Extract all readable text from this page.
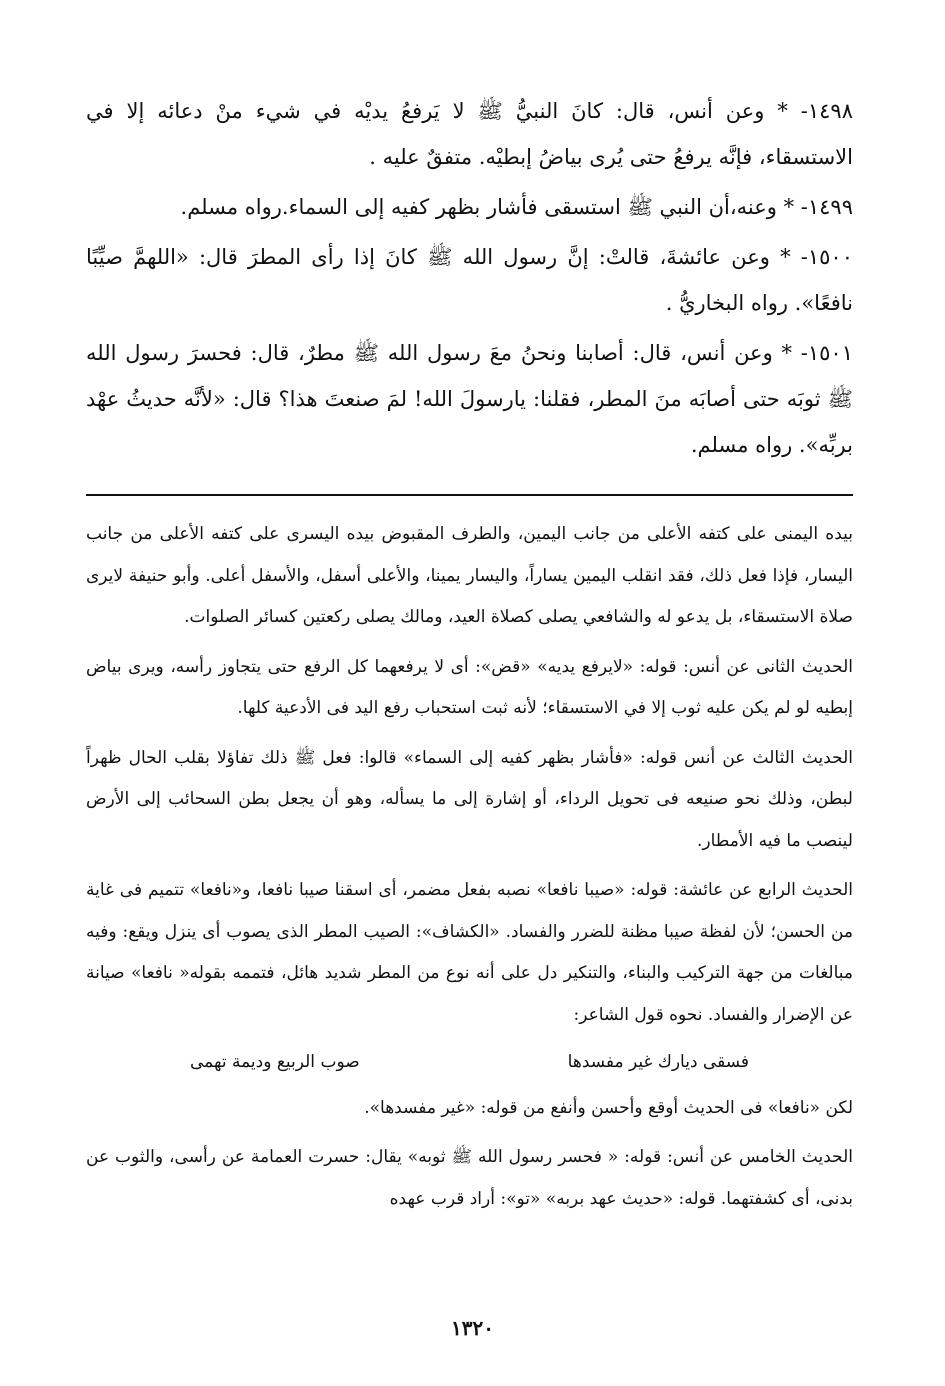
١٤٩٨- * وعن أنس، قال: كانَ النبيُّ ﷺ لا يَرفعُ يديْه في شيء منْ دعائه إلا في الاستسقاء، فإنَّه يرفعُ حتى يُرى بياضُ إبطيْه. متفقٌ عليه .

١٤٩٩- * وعنه،أن النبي ﷺ استسقى فأشار بظهر كفيه إلى السماء.رواه مسلم.

١٥٠٠- * وعن عائشةَ، قالتْ: إنَّ رسول الله ﷺ كانَ إذا رأى المطرَ قال: «اللهمَّ صيِّبًا نافعًا». رواه البخاريُّ .

١٥٠١- * وعن أنس، قال: أصابنا ونحنُ معَ رسول الله ﷺ مطرٌ، قال: فحسرَ رسول الله ﷺ ثوبَه حتى أصابَه منَ المطر، فقلنا: يارسولَ الله! لمَ صنعتَ هذا؟ قال: «لأنَّه حديثُ عهْد بربِّه». رواه مسلم.

بيده اليمنى على كتفه الأعلى من جانب اليمين، والطرف المقبوض بيده اليسرى على كتفه الأعلى من جانب اليسار، فإذا فعل ذلك، فقد انقلب اليمين يساراً، واليسار يمينا، والأعلى أسفل، والأسفل أعلى. وأبو حنيفة لايرى صلاة الاستسقاء، بل يدعو له والشافعي يصلى كصلاة العيد، ومالك يصلى ركعتين كسائر الصلوات.

الحديث الثانى عن أنس: قوله: «لايرفع يديه» «قض»: أى لا يرفعهما كل الرفع حتى يتجاوز رأسه، ويرى بياض إبطيه لو لم يكن عليه ثوب إلا في الاستسقاء؛ لأنه ثبت استحباب رفع اليد فى الأدعية كلها.

الحديث الثالث عن أنس قوله: «فأشار بظهر كفيه إلى السماء» قالوا: فعل ﷺ ذلك تفاؤلا بقلب الحال ظهراً لبطن، وذلك نحو صنيعه فى تحويل الرداء، أو إشارة إلى ما يسأله، وهو أن يجعل بطن السحائب إلى الأرض لينصب ما فيه الأمطار.

الحديث الرابع عن عائشة: قوله: «صيبا نافعا» نصبه بفعل مضمر، أى اسقنا صيبا نافعا، و«نافعا» تتميم فى غاية من الحسن؛ لأن لفظة صيبا مظنة للضرر والفساد. «الكشاف»: الصيب المطر الذى يصوب أى ينزل ويقع: وفيه مبالغات من جهة التركيب والبناء، والتنكير دل على أنه نوع من المطر شديد هائل، فتممه بقوله« نافعا» صيانة عن الإضرار والفساد. نحوه قول الشاعر:

فسقى ديارك غير مفسدها
صوب الربيع وديمة تهمى

لكن «نافعا» فى الحديث أوقع وأحسن وأنفع من قوله: «غير مفسدها».

الحديث الخامس عن أنس: قوله: « فحسر رسول الله ﷺ ثوبه» يقال: حسرت العمامة عن رأسى، والثوب عن بدنى، أى كشفتهما. قوله: «حديث عهد بربه» «تو»: أراد قرب عهده

١٣٢٠
